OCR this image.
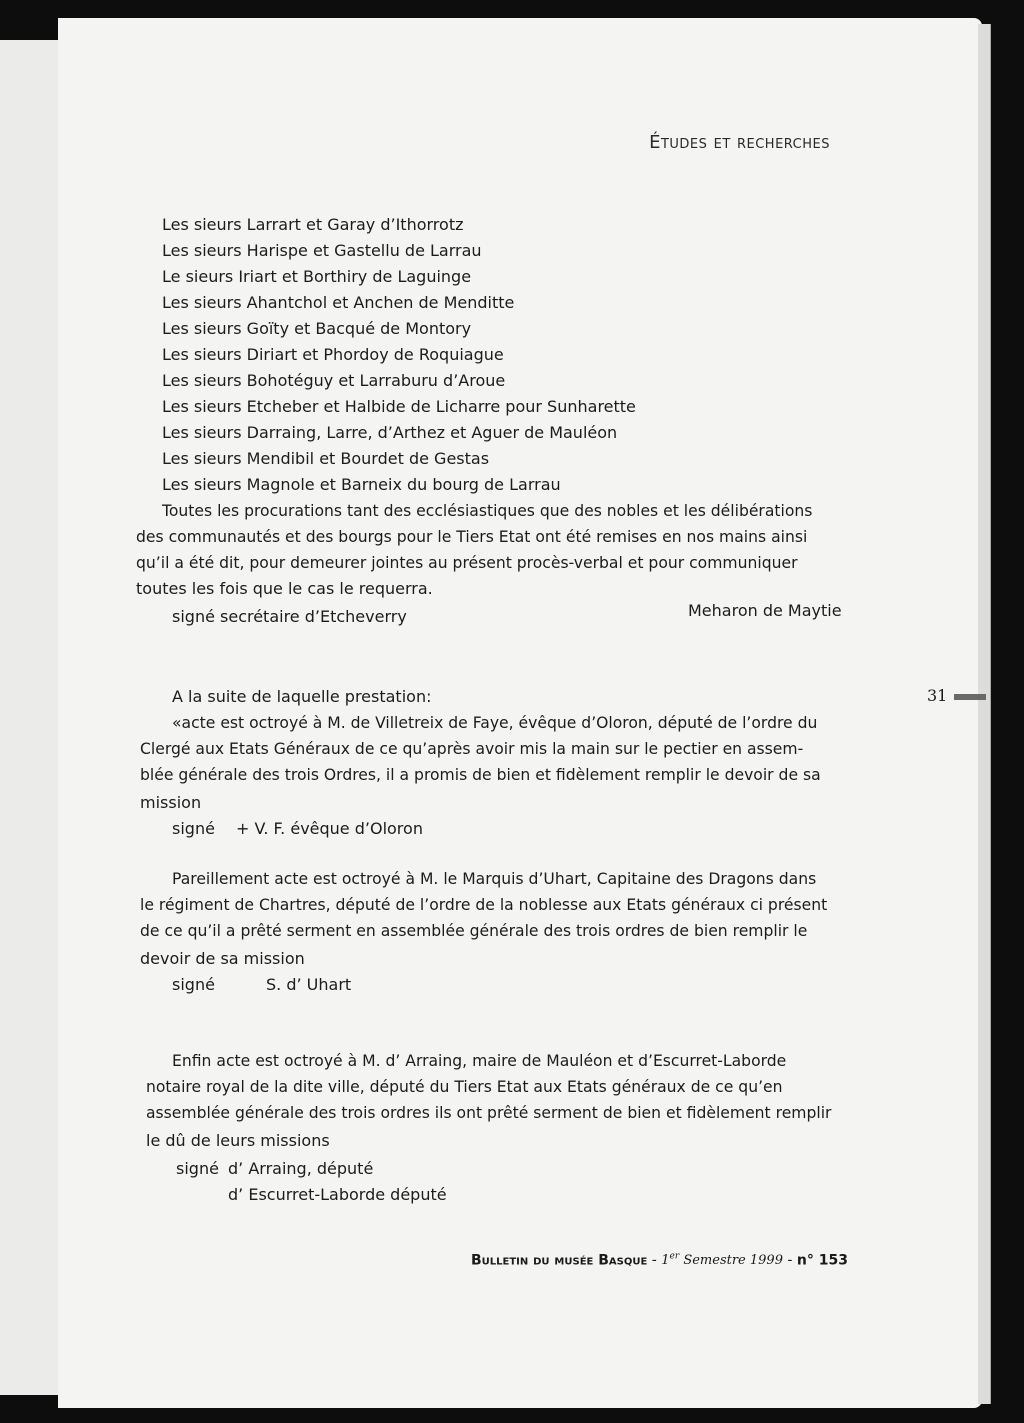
Études et recherches

Les sieurs Larrart et Garay d’Ithorrotz

Les sieurs Harispe et Gastellu de Larrau

Le sieurs Iriart et Borthiry de Laguinge

Les sieurs Ahantchol et Anchen de Menditte

Les sieurs Goïty et Bacqué de Montory

Les sieurs Diriart et Phordoy de Roquiague

Les sieurs Bohotéguy et Larraburu d’Aroue

Les sieurs Etcheber et Halbide de Licharre pour Sunharette

Les sieurs Darraing, Larre, d’Arthez et Aguer de Mauléon

Les sieurs Mendibil et Bourdet de Gestas

Les sieurs Magnole et Barneix du bourg de Larrau

Toutes les procurations tant des ecclésiastiques que des nobles et les délibérations

des communautés et des bourgs pour le Tiers Etat ont été remises en nos mains ainsi

qu’il a été dit, pour demeurer jointes au présent procès-verbal et pour communiquer

toutes les fois que le cas le requerra.

signé secrétaire d’Etcheverry	Meharon de Maytie

A la suite de laquelle prestation:

«acte est octroyé à M. de Villetreix de Faye, évêque d’Oloron, député de l’ordre du

Clergé aux Etats Généraux de ce qu’après avoir mis la main sur le pectier en assem-

blée générale des trois Ordres, il a promis de bien et fidèlement remplir le devoir de sa

mission

signé + V. F. évêque d’Oloron

Pareillement acte est octroyé à M. le Marquis d’Uhart, Capitaine des Dragons dans

le régiment de Chartres, député de l’ordre de la noblesse aux Etats généraux ci présent

de ce qu’il a prêté serment en assemblée générale des trois ordres de bien remplir le

devoir de sa mission

signé	S. d’ Uhart

Enfin acte est octroyé à M. d’ Arraing, maire de Mauléon et d’Escurret-Laborde

notaire royal de la dite ville, député du Tiers Etat aux Etats généraux de ce qu’en

assemblée générale des trois ordres ils ont prêté serment de bien et fidèlement remplir

le dû de leurs missions

signé d’ Arraing, député

d’ Escurret-Laborde député

Bulletin du musée Basque - 1er Semestre 1999 - n° 153

31
